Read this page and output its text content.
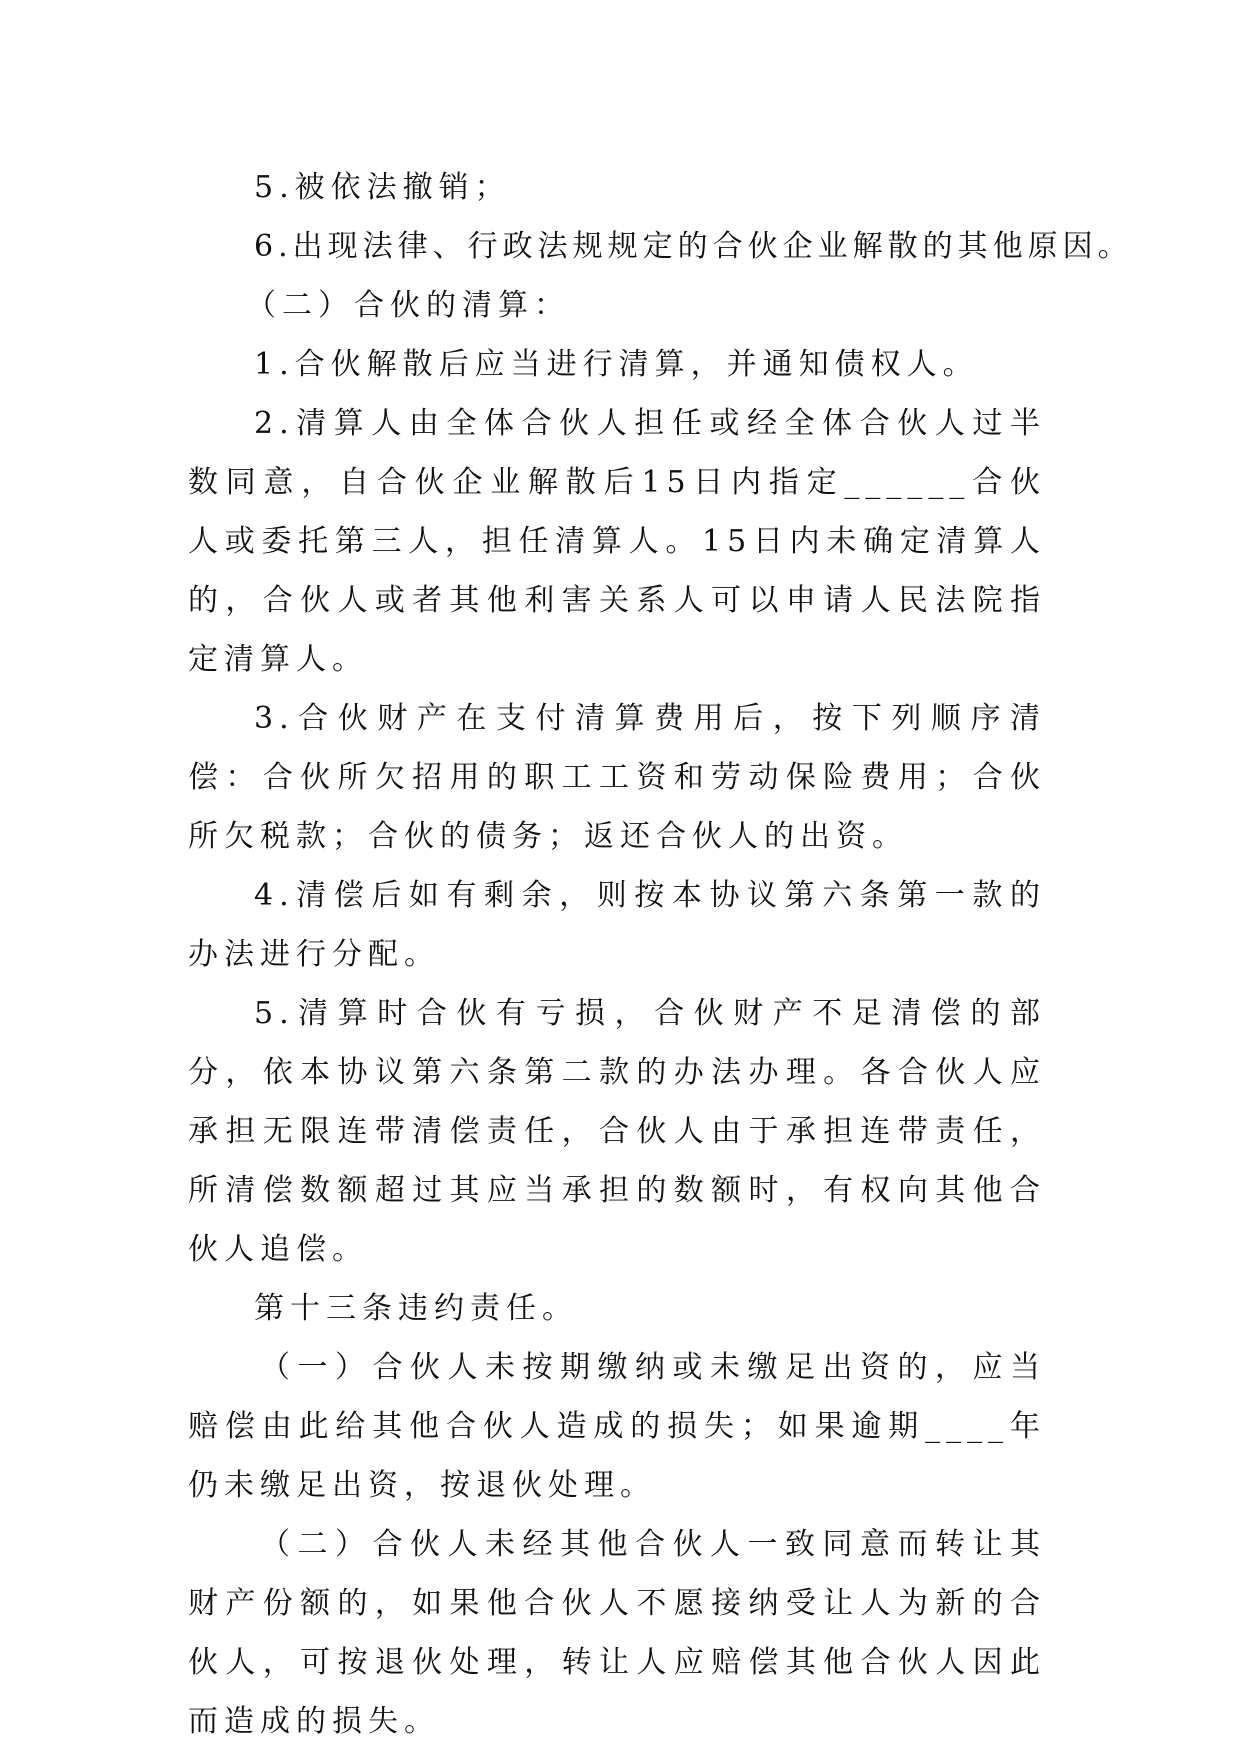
5.被依法撤销；

6.出现法律、行政法规规定的合伙企业解散的其他原因。

（二）合伙的清算：

1.合伙解散后应当进行清算，并通知债权人。

2.清算人由全体合伙人担任或经全体合伙人过半数同意，自合伙企业解散后15日内指定______合伙人或委托第三人，担任清算人。15日内未确定清算人的，合伙人或者其他利害关系人可以申请人民法院指定清算人。

3.合伙财产在支付清算费用后，按下列顺序清偿：合伙所欠招用的职工工资和劳动保险费用；合伙所欠税款；合伙的债务；返还合伙人的出资。

4.清偿后如有剩余，则按本协议第六条第一款的办法进行分配。

5.清算时合伙有亏损，合伙财产不足清偿的部分，依本协议第六条第二款的办法办理。各合伙人应承担无限连带清偿责任，合伙人由于承担连带责任，所清偿数额超过其应当承担的数额时，有权向其他合伙人追偿。

第十三条违约责任。

（一）合伙人未按期缴纳或未缴足出资的，应当赔偿由此给其他合伙人造成的损失；如果逾期____年仍未缴足出资，按退伙处理。

（二）合伙人未经其他合伙人一致同意而转让其财产份额的，如果他合伙人不愿接纳受让人为新的合伙人，可按退伙处理，转让人应赔偿其他合伙人因此而造成的损失。
